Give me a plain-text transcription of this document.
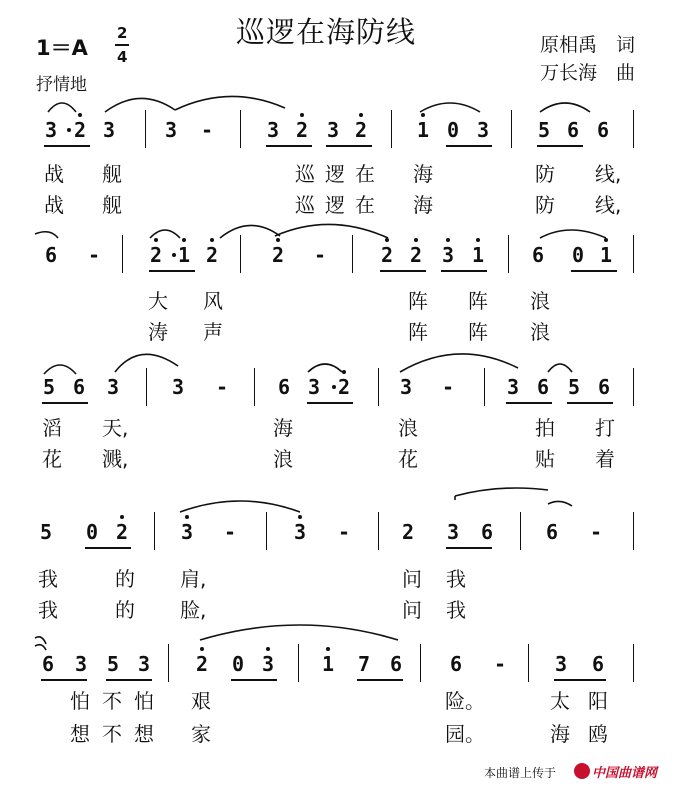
巡逻在海防线
1＝A
2
4
抒情地
原相禹　词
万长海　曲
3 2 3 3 -	3 2 3 2 1 0 3 5 6 6
战 舰	巡 逻 在 海	防 线,
战 舰	巡 逻 在 海	防 线,
6 - 2 1 2	2 -	2 2 3 1 6 0 1
大 风	阵 阵 浪
涛 声	阵 阵 浪
5 6 3	3 - 6 3 2 3 -	3 6 5 6
滔 天,	海	浪	拍 打
花 溅,	浪	花	贴 着
5 0 2	3 -	3 -	2 3 6	6 -
我	的 肩,	问 我
我	的 脸,	问 我
6 3 5 3 2 0 3 1 7 6 6 - 3 6
怕 不 怕 艰	险。	太 阳
想 不 想 家	园。	海 鸥
本曲谱上传于	中国曲谱网
